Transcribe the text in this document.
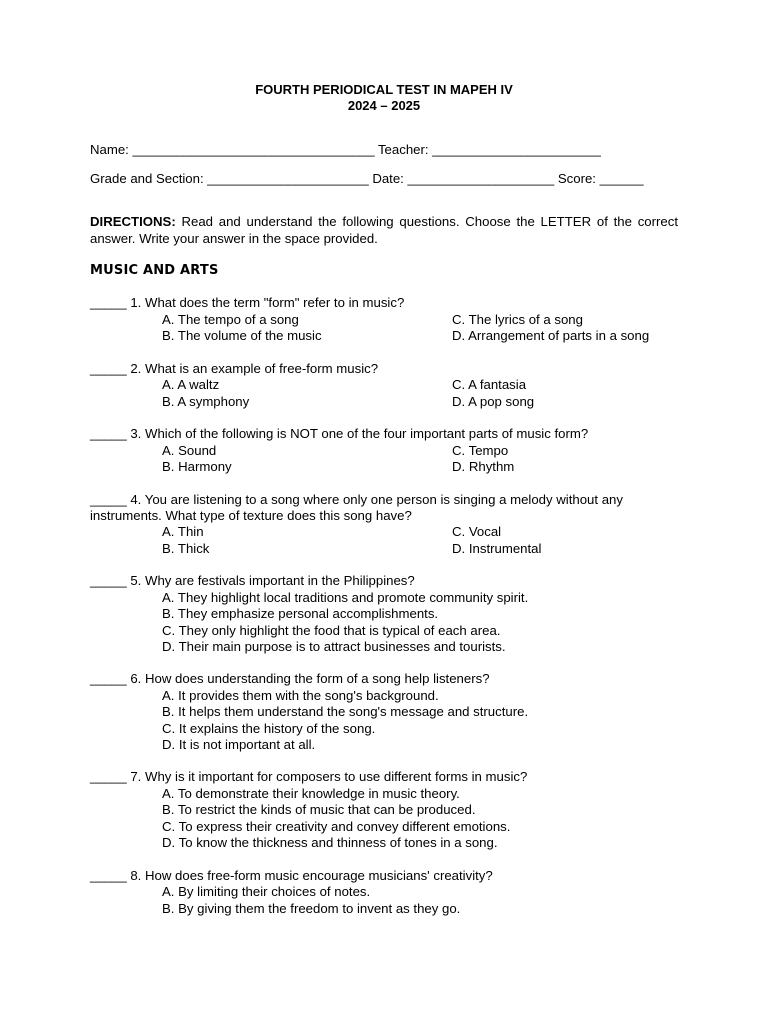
FOURTH PERIODICAL TEST IN MAPEH IV
2024 – 2025
Name: _________________________________ Teacher: _______________________
Grade and Section: ______________________ Date: ____________________ Score: ______
DIRECTIONS: Read and understand the following questions. Choose the LETTER of the correct answer. Write your answer in the space provided.
MUSIC AND ARTS
_____ 1. What does the term "form" refer to in music?
A. The tempo of a song	C. The lyrics of a song
B. The volume of the music	D. Arrangement of parts in a song
_____ 2. What is an example of free-form music?
A. A waltz	C. A fantasia
B. A symphony	D. A pop song
_____ 3. Which of the following is NOT one of the four important parts of music form?
A. Sound	C. Tempo
B. Harmony	D. Rhythm
_____ 4. You are listening to a song where only one person is singing a melody without any instruments. What type of texture does this song have?
A. Thin	C. Vocal
B. Thick	D. Instrumental
_____ 5. Why are festivals important in the Philippines?
A. They highlight local traditions and promote community spirit.
B. They emphasize personal accomplishments.
C. They only highlight the food that is typical of each area.
D. Their main purpose is to attract businesses and tourists.
_____ 6. How does understanding the form of a song help listeners?
A. It provides them with the song's background.
B. It helps them understand the song's message and structure.
C. It explains the history of the song.
D. It is not important at all.
_____ 7. Why is it important for composers to use different forms in music?
A. To demonstrate their knowledge in music theory.
B. To restrict the kinds of music that can be produced.
C. To express their creativity and convey different emotions.
D. To know the thickness and thinness of tones in a song.
_____ 8. How does free-form music encourage musicians' creativity?
A. By limiting their choices of notes.
B. By giving them the freedom to invent as they go.
